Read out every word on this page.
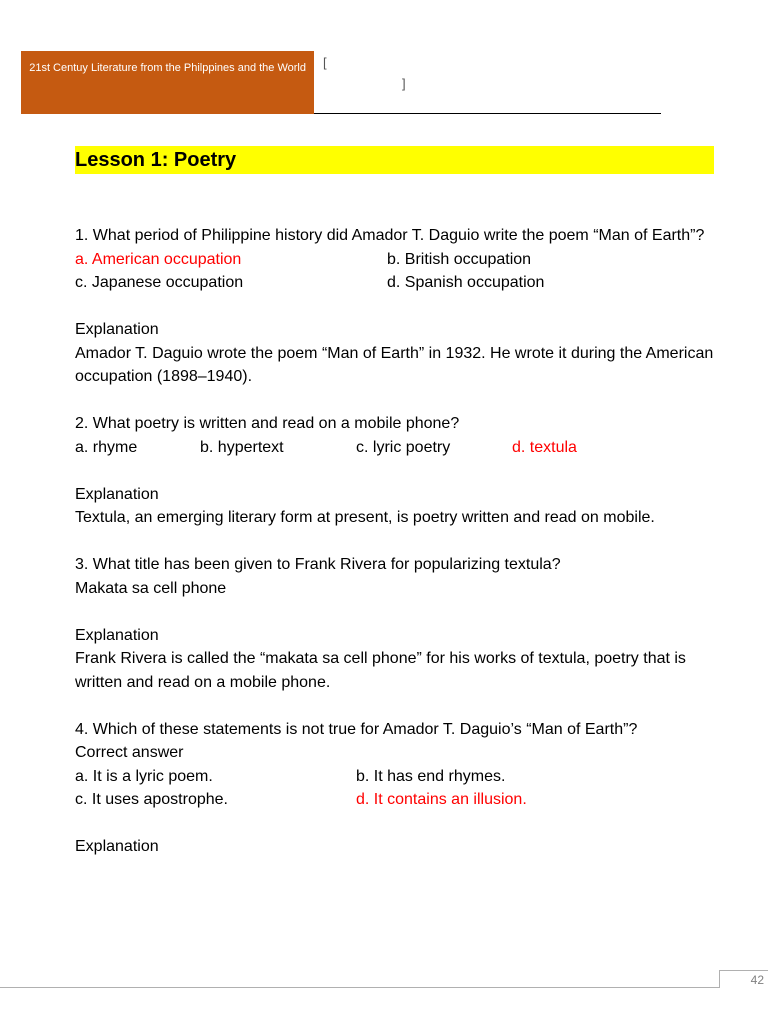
21st Centuy Literature from the Philppines and the World	[
]
Lesson 1: Poetry

1. What period of Philippine history did Amador T. Daguio write the poem “Man of Earth”?

a. American occupation	b. British occupation
c. Japanese occupation	d. Spanish occupation

Explanation

Amador T. Daguio wrote the poem “Man of Earth” in 1932. He wrote it during the American occupation (1898–1940).

2. What poetry is written and read on a mobile phone?

a. rhyme	b. hypertext	c. lyric poetry	d. textula

Explanation

Textula, an emerging literary form at present, is poetry written and read on mobile.

3. What title has been given to Frank Rivera for popularizing textula?

Makata sa cell phone

Explanation

Frank Rivera is called the “makata sa cell phone” for his works of textula, poetry that is written and read on a mobile phone.

4. Which of these statements is not true for Amador T. Daguio’s “Man of Earth”?

Correct answer

a. It is a lyric poem.	b. It has end rhymes.
c. It uses apostrophe.	d. It contains an illusion.

Explanation

42
